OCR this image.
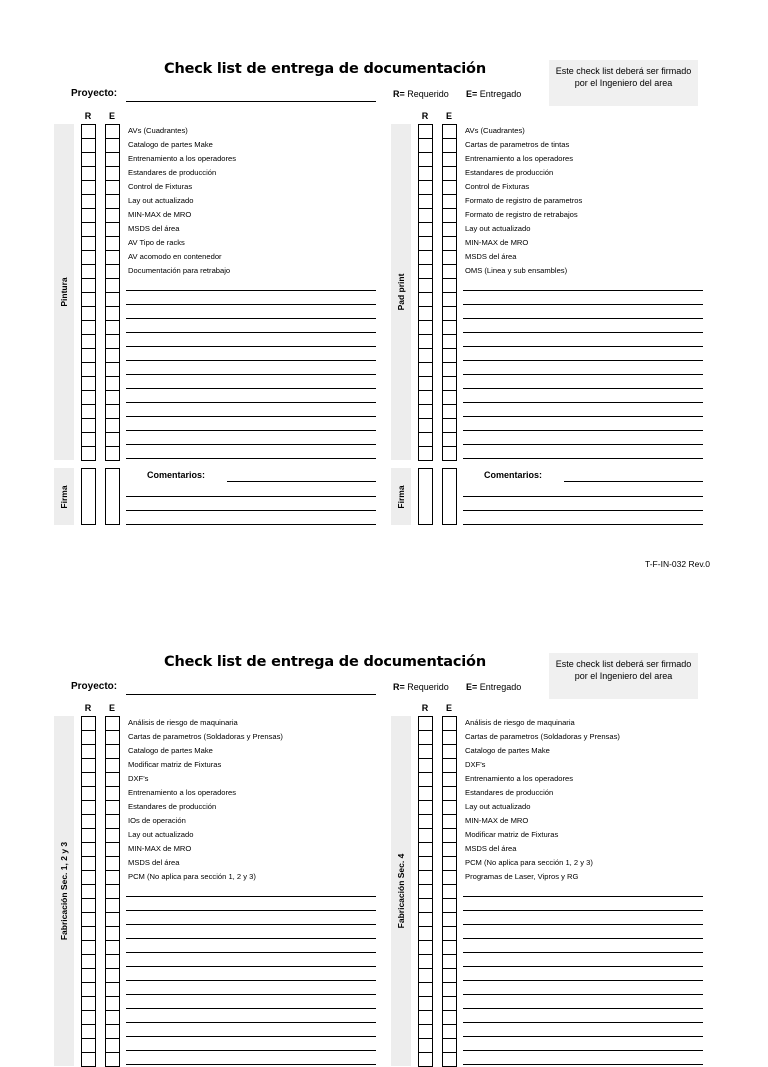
T-F-IN-032 Rev.0
Check list de entrega de documentación	Este check list deberá ser firmado por el Ingeniero del area
Proyecto:	R= Requerido E= Entregado
R	E
Pintura
AVs (Cuadrantes)
Catalogo de partes Make
Entrenamiento a los operadores
Estandares de producción
Control de Fixturas
Lay out actualizado
MIN-MAX de MRO
MSDS del área
AV Tipo de racks
AV acomodo en contenedor
Documentación para retrabajo
Firma
Comentarios:
R	E
Pad print
AVs (Cuadrantes)
Cartas de parametros de tintas
Entrenamiento a los operadores
Estandares de producción
Control de Fixturas
Formato de registro de parametros
Formato de registro de retrabajos
Lay out actualizado
MIN-MAX de MRO
MSDS del área
OMS (Linea y sub ensambles)
Firma
Comentarios:
Check list de entrega de documentación	Este check list deberá ser firmado por el Ingeniero del area
Proyecto:	R= Requerido E= Entregado
R	E
Fabricación Sec. 1, 2 y 3
Análisis de riesgo de maquinaria
Cartas de parametros (Soldadoras y Prensas)
Catalogo de partes Make
Modificar matriz de Fixturas
DXF's
Entrenamiento a los operadores
Estandares de producción
IOs de operación
Lay out actualizado
MIN-MAX de MRO
MSDS del área
PCM (No aplica para sección 1, 2 y 3)
R	E
Fabricación Sec. 4
Análisis de riesgo de maquinaria
Cartas de parametros (Soldadoras y Prensas)
Catalogo de partes Make
DXF's
Entrenamiento a los operadores
Estandares de producción
Lay out actualizado
MIN-MAX de MRO
Modificar matriz de Fixturas
MSDS del área
PCM (No aplica para sección 1, 2 y 3)
Programas de Laser, Vipros y RG
